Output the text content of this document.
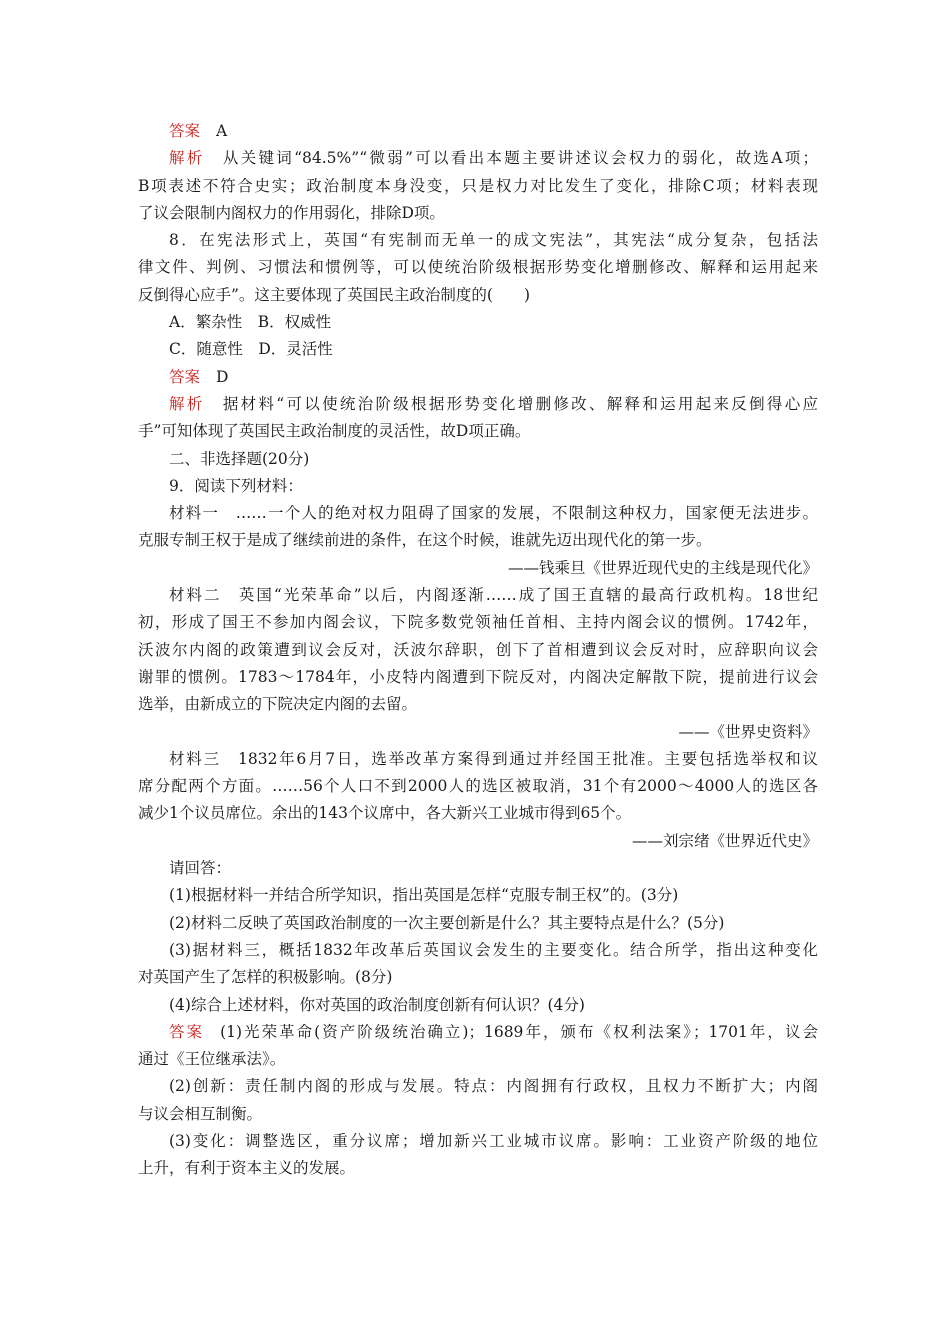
答案 A
解析 从关键词“84.5%”“微弱”可以看出本题主要讲述议会权力的弱化，故选A项；
B项表述不符合史实；政治制度本身没变，只是权力对比发生了变化，排除C项；材料表现
了议会限制内阁权力的作用弱化，排除D项。
8．在宪法形式上，英国“有宪制而无单一的成文宪法”，其宪法“成分复杂，包括法
律文件、判例、习惯法和惯例等，可以使统治阶级根据形势变化增删修改、解释和运用起来
反倒得心应手”。这主要体现了英国民主政治制度的(　　)
A．繁杂性　B．权威性
C．随意性　D．灵活性
答案 D
解析 据材料“可以使统治阶级根据形势变化增删修改、解释和运用起来反倒得心应
手”可知体现了英国民主政治制度的灵活性，故D项正确。
二、非选择题(20分)
9．阅读下列材料：
材料一　……一个人的绝对权力阻碍了国家的发展，不限制这种权力，国家便无法进步。
克服专制王权于是成了继续前进的条件，在这个时候，谁就先迈出现代化的第一步。
——钱乘旦《世界近现代史的主线是现代化》
材料二　英国“光荣革命”以后，内阁逐渐……成了国王直辖的最高行政机构。18世纪
初，形成了国王不参加内阁会议，下院多数党领袖任首相、主持内阁会议的惯例。1742年，
沃波尔内阁的政策遭到议会反对，沃波尔辞职，创下了首相遭到议会反对时，应辞职向议会
谢罪的惯例。1783～1784年，小皮特内阁遭到下院反对，内阁决定解散下院，提前进行议会
选举，由新成立的下院决定内阁的去留。
——《世界史资料》
材料三　1832年6月7日，选举改革方案得到通过并经国王批准。主要包括选举权和议
席分配两个方面。……56个人口不到2000人的选区被取消，31个有2000～4000人的选区各
减少1个议员席位。余出的143个议席中，各大新兴工业城市得到65个。
——刘宗绪《世界近代史》
请回答：
(1)根据材料一并结合所学知识，指出英国是怎样“克服专制王权”的。(3分)
(2)材料二反映了英国政治制度的一次主要创新是什么？其主要特点是什么？(5分)
(3)据材料三，概括1832年改革后英国议会发生的主要变化。结合所学，指出这种变化
对英国产生了怎样的积极影响。(8分)
(4)综合上述材料，你对英国的政治制度创新有何认识？(4分)
答案 (1)光荣革命(资产阶级统治确立)；1689年，颁布《权利法案》；1701年，议会
通过《王位继承法》。
(2)创新：责任制内阁的形成与发展。特点：内阁拥有行政权，且权力不断扩大；内阁
与议会相互制衡。
(3)变化：调整选区，重分议席；增加新兴工业城市议席。影响：工业资产阶级的地位
上升，有利于资本主义的发展。
